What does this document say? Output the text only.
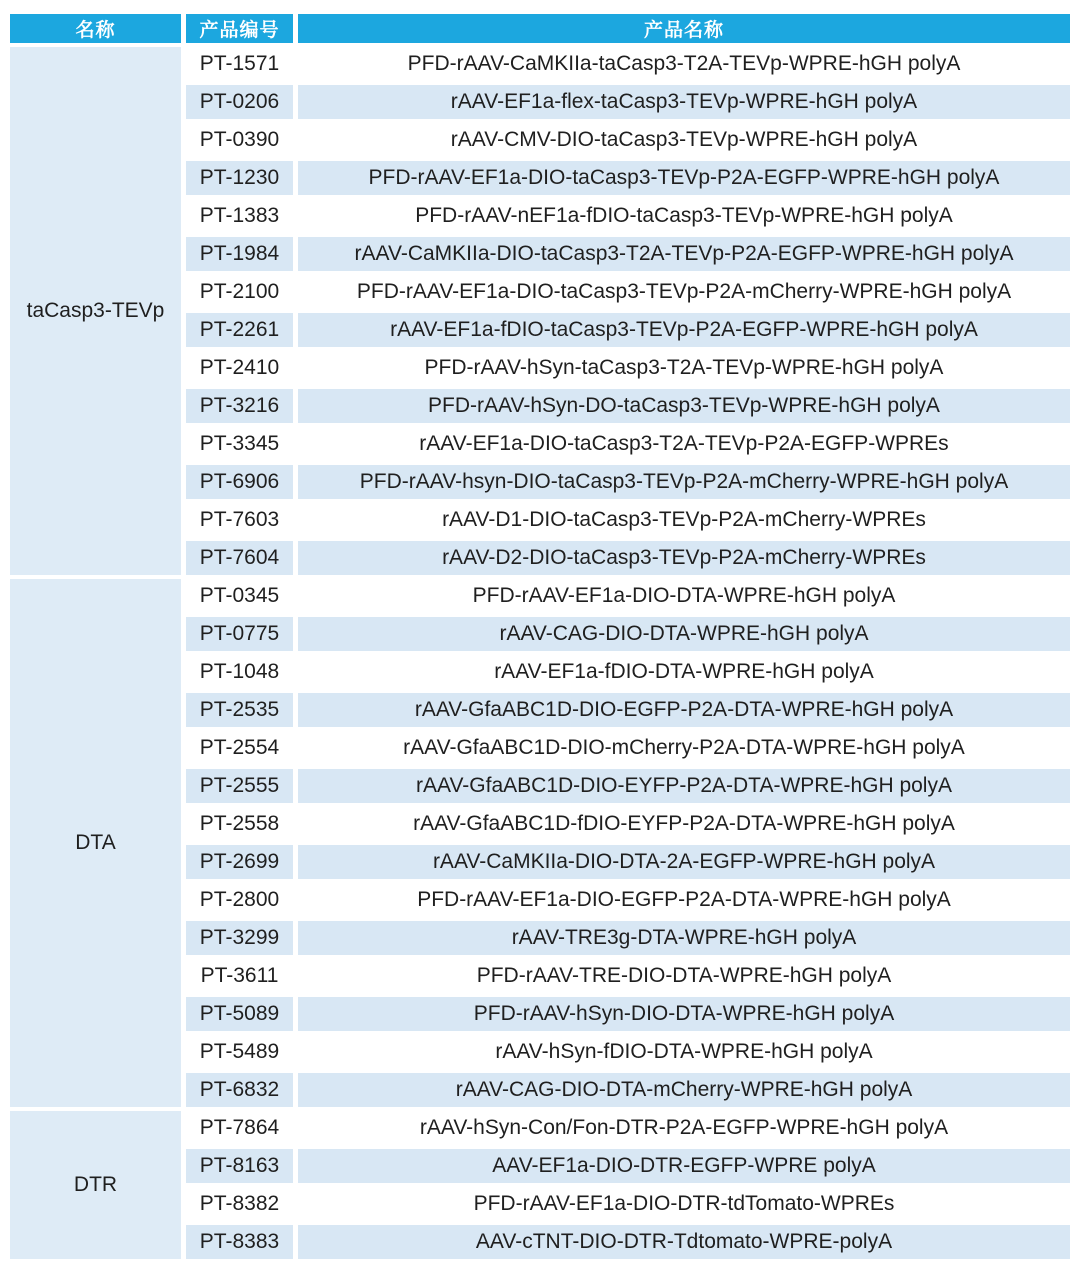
名称	产品编号	产品名称
taCasp3-TEVp	PT-1571	PFD-rAAV-CaMKIIa-taCasp3-T2A-TEVp-WPRE-hGH polyA
	PT-0206	rAAV-EF1a-flex-taCasp3-TEVp-WPRE-hGH polyA
	PT-0390	rAAV-CMV-DIO-taCasp3-TEVp-WPRE-hGH polyA
	PT-1230	PFD-rAAV-EF1a-DIO-taCasp3-TEVp-P2A-EGFP-WPRE-hGH polyA
	PT-1383	PFD-rAAV-nEF1a-fDIO-taCasp3-TEVp-WPRE-hGH polyA
	PT-1984	rAAV-CaMKIIa-DIO-taCasp3-T2A-TEVp-P2A-EGFP-WPRE-hGH polyA
	PT-2100	PFD-rAAV-EF1a-DIO-taCasp3-TEVp-P2A-mCherry-WPRE-hGH polyA
	PT-2261	rAAV-EF1a-fDIO-taCasp3-TEVp-P2A-EGFP-WPRE-hGH polyA
	PT-2410	PFD-rAAV-hSyn-taCasp3-T2A-TEVp-WPRE-hGH polyA
	PT-3216	PFD-rAAV-hSyn-DO-taCasp3-TEVp-WPRE-hGH polyA
	PT-3345	rAAV-EF1a-DIO-taCasp3-T2A-TEVp-P2A-EGFP-WPREs
	PT-6906	PFD-rAAV-hsyn-DIO-taCasp3-TEVp-P2A-mCherry-WPRE-hGH polyA
	PT-7603	rAAV-D1-DIO-taCasp3-TEVp-P2A-mCherry-WPREs
	PT-7604	rAAV-D2-DIO-taCasp3-TEVp-P2A-mCherry-WPREs
DTA	PT-0345	PFD-rAAV-EF1a-DIO-DTA-WPRE-hGH polyA
	PT-0775	rAAV-CAG-DIO-DTA-WPRE-hGH polyA
	PT-1048	rAAV-EF1a-fDIO-DTA-WPRE-hGH polyA
	PT-2535	rAAV-GfaABC1D-DIO-EGFP-P2A-DTA-WPRE-hGH polyA
	PT-2554	rAAV-GfaABC1D-DIO-mCherry-P2A-DTA-WPRE-hGH polyA
	PT-2555	rAAV-GfaABC1D-DIO-EYFP-P2A-DTA-WPRE-hGH polyA
	PT-2558	rAAV-GfaABC1D-fDIO-EYFP-P2A-DTA-WPRE-hGH polyA
	PT-2699	rAAV-CaMKIIa-DIO-DTA-2A-EGFP-WPRE-hGH polyA
	PT-2800	PFD-rAAV-EF1a-DIO-EGFP-P2A-DTA-WPRE-hGH polyA
	PT-3299	rAAV-TRE3g-DTA-WPRE-hGH polyA
	PT-3611	PFD-rAAV-TRE-DIO-DTA-WPRE-hGH polyA
	PT-5089	PFD-rAAV-hSyn-DIO-DTA-WPRE-hGH polyA
	PT-5489	rAAV-hSyn-fDIO-DTA-WPRE-hGH polyA
	PT-6832	rAAV-CAG-DIO-DTA-mCherry-WPRE-hGH polyA
DTR	PT-7864	rAAV-hSyn-Con/Fon-DTR-P2A-EGFP-WPRE-hGH polyA
	PT-8163	AAV-EF1a-DIO-DTR-EGFP-WPRE polyA
	PT-8382	PFD-rAAV-EF1a-DIO-DTR-tdTomato-WPREs
	PT-8383	AAV-cTNT-DIO-DTR-Tdtomato-WPRE-polyA
